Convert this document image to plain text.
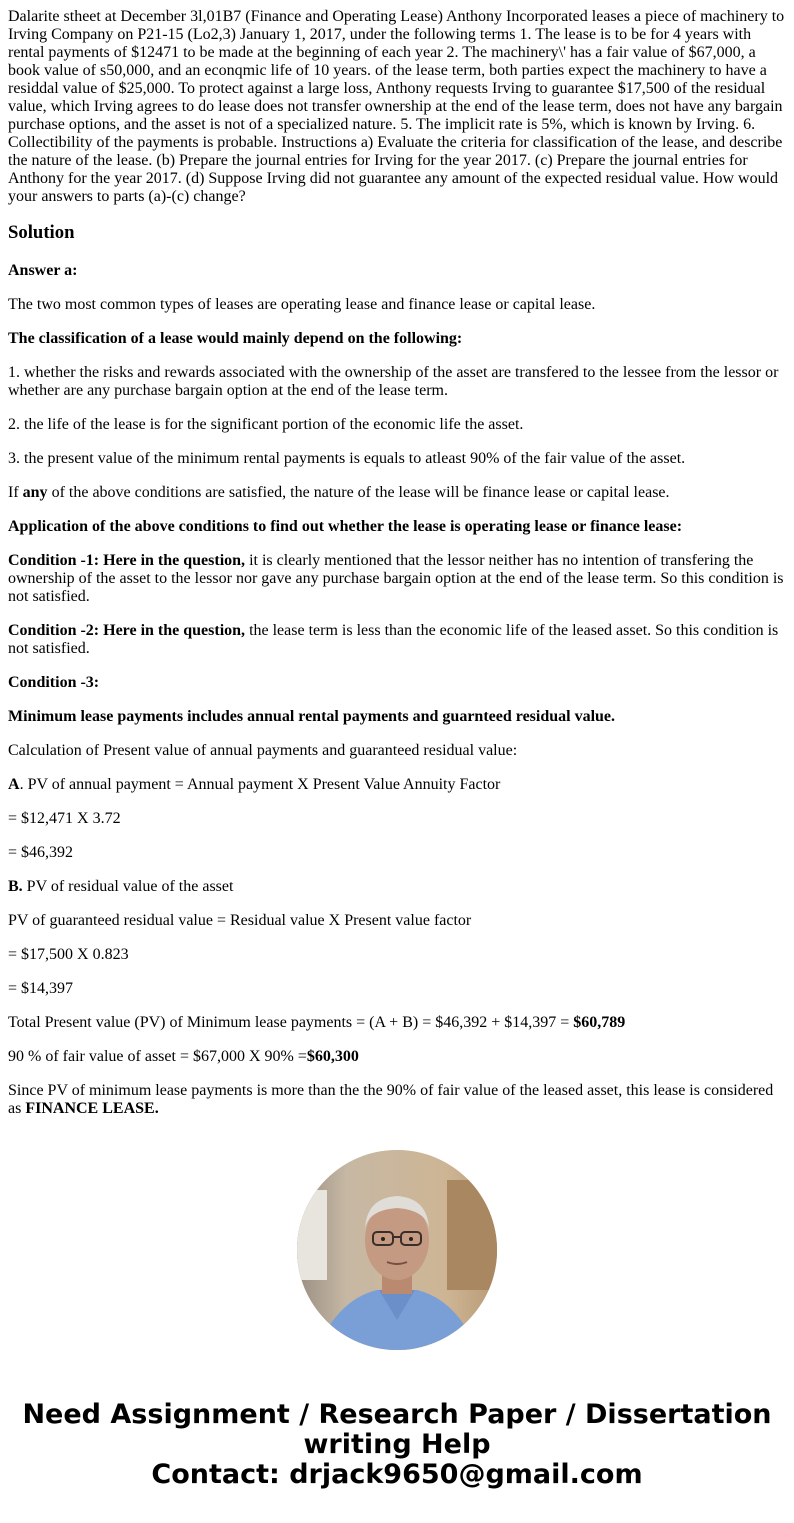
Dalarite stheet at December 3l,01B7 (Finance and Operating Lease) Anthony Incorporated leases a piece of machinery to Irving Company on P21-15 (Lo2,3) January 1, 2017, under the following terms 1. The lease is to be for 4 years with rental payments of $12471 to be made at the beginning of each year 2. The machinery\' has a fair value of $67,000, a book value of s50,000, and an econqmic life of 10 years. of the lease term, both parties expect the machinery to have a residdal value of $25,000. To protect against a large loss, Anthony requests Irving to guarantee $17,500 of the residual value, which Irving agrees to do lease does not transfer ownership at the end of the lease term, does not have any bargain purchase options, and the asset is not of a specialized nature. 5. The implicit rate is 5%, which is known by Irving. 6. Collectibility of the payments is probable. Instructions a) Evaluate the criteria for classification of the lease, and describe the nature of the lease. (b) Prepare the journal entries for Irving for the year 2017. (c) Prepare the journal entries for Anthony for the year 2017. (d) Suppose Irving did not guarantee any amount of the expected residual value. How would your answers to parts (a)-(c) change?
Solution

Answer a:

The two most common types of leases are operating lease and finance lease or capital lease.

The classification of a lease would mainly depend on the following:

1. whether the risks and rewards associated with the ownership of the asset are transfered to the lessee from the lessor or whether are any purchase bargain option at the end of the lease term.

2. the life of the lease is for the significant portion of the economic life the asset.

3. the present value of the minimum rental payments is equals to atleast 90% of the fair value of the asset.

If any of the above conditions are satisfied, the nature of the lease will be finance lease or capital lease.

Application of the above conditions to find out whether the lease is operating lease or finance lease:

Condition -1: Here in the question, it is clearly mentioned that the lessor neither has no intention of transfering the ownership of the asset to the lessor nor gave any purchase bargain option at the end of the lease term. So this condition is not satisfied.

Condition -2: Here in the question, the lease term is less than the economic life of the leased asset. So this condition is not satisfied.

Condition -3:

Minimum lease payments includes annual rental payments and guarnteed residual value.

Calculation of Present value of annual payments and guaranteed residual value:

A. PV of annual payment = Annual payment X Present Value Annuity Factor

= $12,471 X 3.72

= $46,392

B. PV of residual value of the asset

PV of guaranteed residual value = Residual value X Present value factor

= $17,500 X 0.823

= $14,397

Total Present value (PV) of Minimum lease payments = (A + B) = $46,392 + $14,397 = $60,789

90 % of fair value of asset = $67,000 X 90% =$60,300

Since PV of minimum lease payments is more than the the 90% of fair value of the leased asset, this lease is considered as FINANCE LEASE.

Need Assignment / Research Paper / Dissertation
writing Help
Contact: drjack9650@gmail.com
